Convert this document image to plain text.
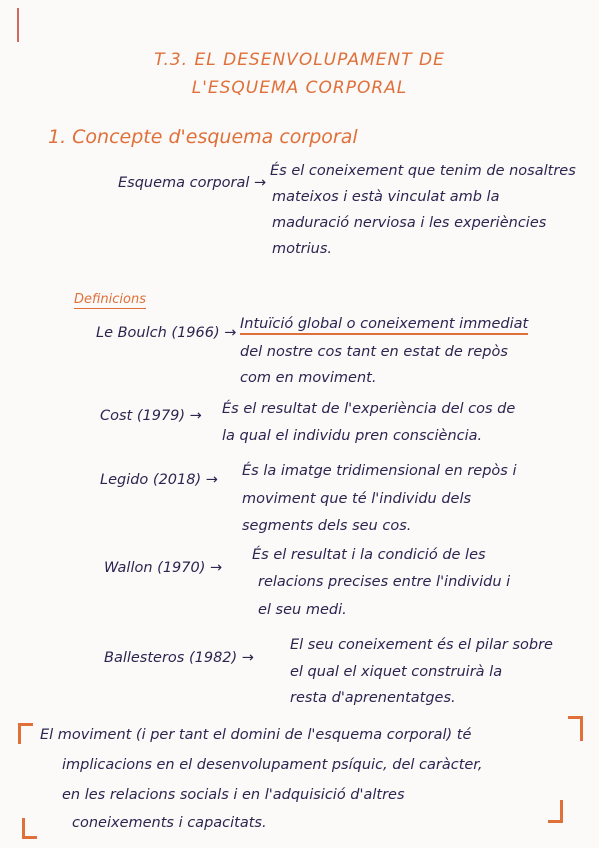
T.3. EL DESENVOLUPAMENT DE
L'ESQUEMA CORPORAL
1. Concepte d'esquema corporal
Esquema corporal →
És el coneixement que tenim de nosaltres
mateixos i està vinculat amb la
maduració nerviosa i les experiències
motrius.
Definicions
Le Boulch (1966) →
Intuïció global o coneixement immediat
del nostre cos tant en estat de repòs
com en moviment.
Cost (1979) → És el resultat de l'experiència del cos de
la qual el individu pren consciència.
Legido (2018) →
És la imatge tridimensional en repòs i
moviment que té l'individu dels
segments dels seu cos.
Wallon (1970) →
És el resultat i la condició de les
relacions precises entre l'individu i
el seu medi.
Ballesteros (1982) →
El seu coneixement és el pilar sobre
el qual el xiquet construirà la
resta d'aprenentatges.
El moviment (i per tant el domini de l'esquema corporal) té
implicacions en el desenvolupament psíquic, del caràcter,
en les relacions socials i en l'adquisició d'altres
coneixements i capacitats.
